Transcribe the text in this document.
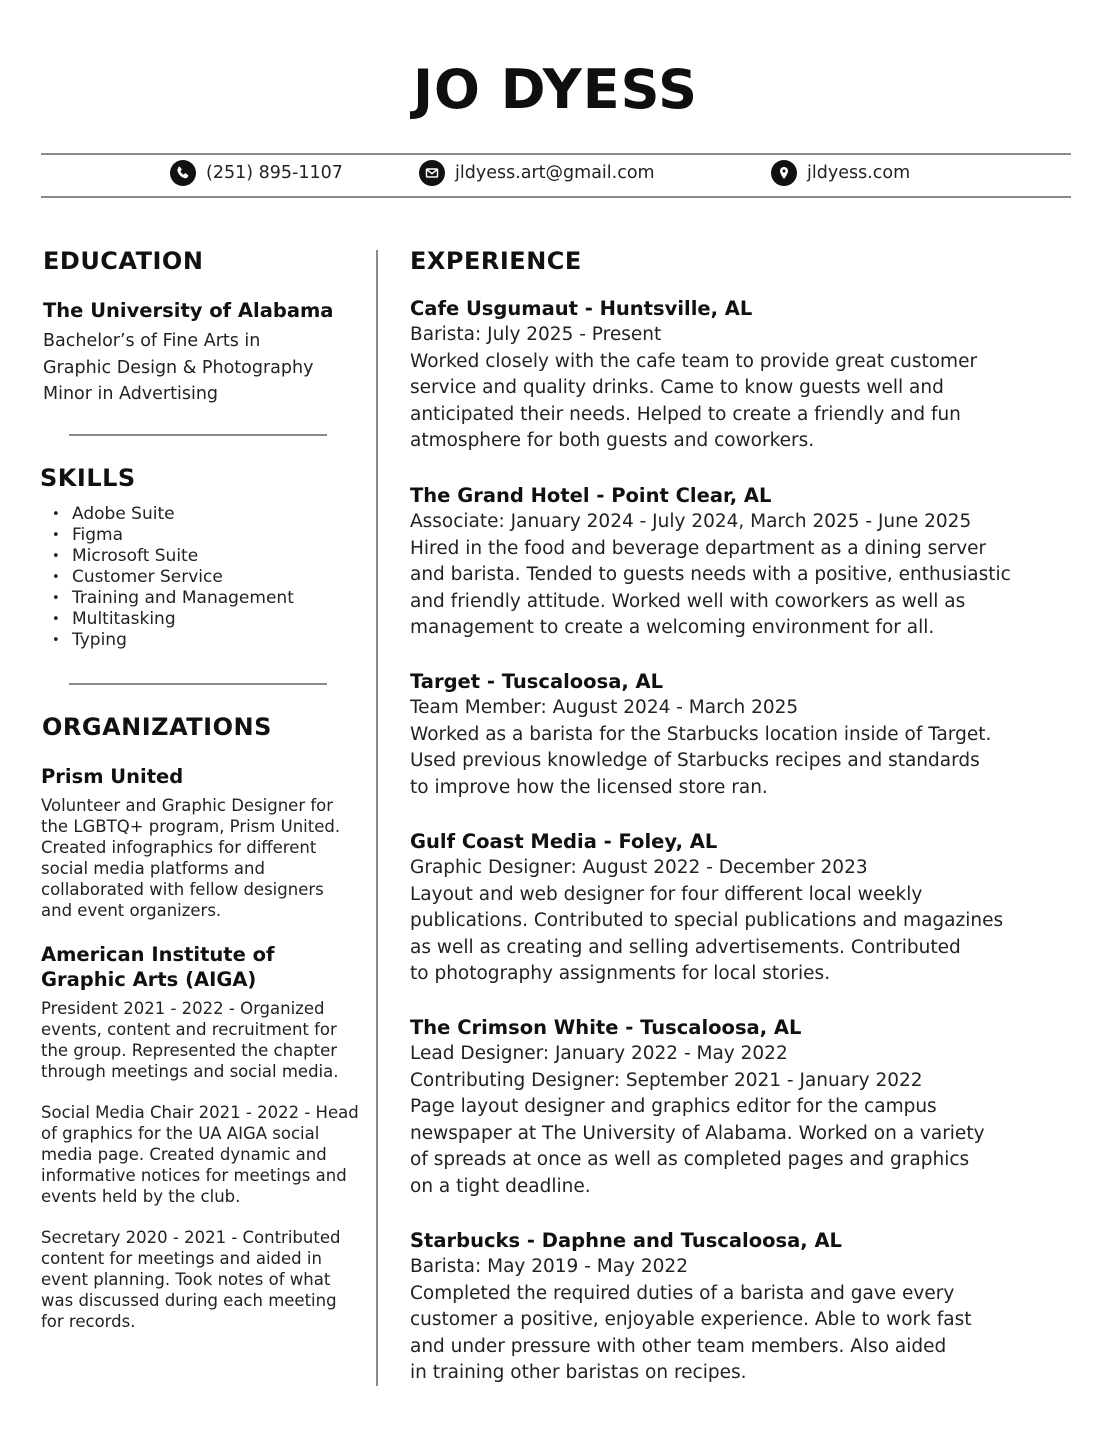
JO DYESS
(251) 895-1107	jldyess.art@gmail.com	jldyess.com
EDUCATION
The University of Alabama
Bachelor’s of Fine Arts in
Graphic Design & Photography
Minor in Advertising
SKILLS
• Adobe Suite
• Figma
• Microsoft Suite
• Customer Service
• Training and Management
• Multitasking
• Typing
ORGANIZATIONS
Prism United
Volunteer and Graphic Designer for the LGBTQ+ program, Prism United. Created infographics for different social media platforms and collaborated with fellow designers and event organizers.
American Institute of Graphic Arts (AIGA)
President 2021 - 2022 - Organized events, content and recruitment for the group. Represented the chapter through meetings and social media.
Social Media Chair 2021 - 2022 - Head of graphics for the UA AIGA social media page. Created dynamic and informative notices for meetings and events held by the club.
Secretary 2020 - 2021 - Contributed content for meetings and aided in event planning. Took notes of what was discussed during each meeting for records.
EXPERIENCE
Cafe Usgumaut - Huntsville, AL
Barista: July 2025 - Present
Worked closely with the cafe team to provide great customer
service and quality drinks. Came to know guests well and
anticipated their needs. Helped to create a friendly and fun
atmosphere for both guests and coworkers.
The Grand Hotel - Point Clear, AL
Associate: January 2024 - July 2024, March 2025 - June 2025
Hired in the food and beverage department as a dining server
and barista. Tended to guests needs with a positive, enthusiastic
and friendly attitude. Worked well with coworkers as well as
management to create a welcoming environment for all.
Target - Tuscaloosa, AL
Team Member: August 2024 - March 2025
Worked as a barista for the Starbucks location inside of Target.
Used previous knowledge of Starbucks recipes and standards
to improve how the licensed store ran.
Gulf Coast Media - Foley, AL
Graphic Designer: August 2022 - December 2023
Layout and web designer for four different local weekly
publications. Contributed to special publications and magazines
as well as creating and selling advertisements. Contributed
to photography assignments for local stories.
The Crimson White - Tuscaloosa, AL
Lead Designer: January 2022 - May 2022
Contributing Designer: September 2021 - January 2022
Page layout designer and graphics editor for the campus
newspaper at The University of Alabama. Worked on a variety
of spreads at once as well as completed pages and graphics
on a tight deadline.
Starbucks - Daphne and Tuscaloosa, AL
Barista: May 2019 - May 2022
Completed the required duties of a barista and gave every
customer a positive, enjoyable experience. Able to work fast
and under pressure with other team members. Also aided
in training other baristas on recipes.
